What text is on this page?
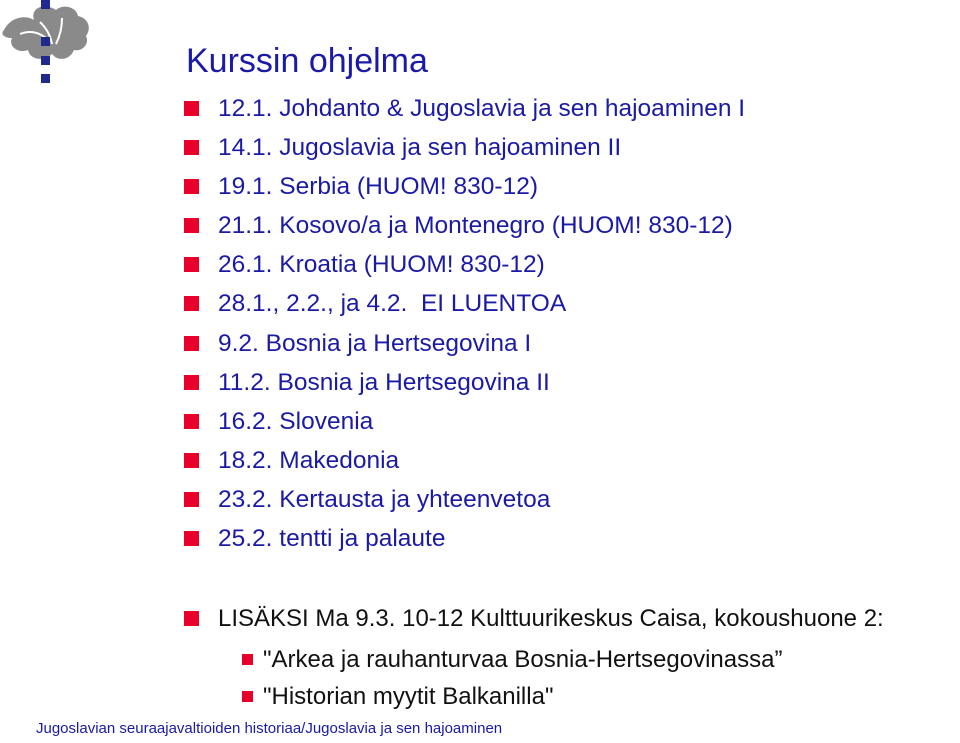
Kurssin ohjelma
12.1. Johdanto & Jugoslavia ja sen hajoaminen I
14.1. Jugoslavia ja sen hajoaminen II
19.1. Serbia (HUOM! 830-12)
21.1. Kosovo/a ja Montenegro (HUOM! 830-12)
26.1. Kroatia (HUOM! 830-12)
28.1., 2.2., ja 4.2.  EI LUENTOA
9.2. Bosnia ja Hertsegovina I
11.2. Bosnia ja Hertsegovina II
16.2. Slovenia
18.2. Makedonia
23.2. Kertausta ja yhteenvetoa
25.2. tentti ja palaute
LISÄKSI Ma 9.3. 10-12 Kulttuurikeskus Caisa, kokoushuone 2:
"Arkea ja rauhanturvaa Bosnia-Hertsegovinassa”
"Historian myytit Balkanilla"
Jugoslavian seuraajavaltioiden historiaa/Jugoslavia ja sen hajoaminen
